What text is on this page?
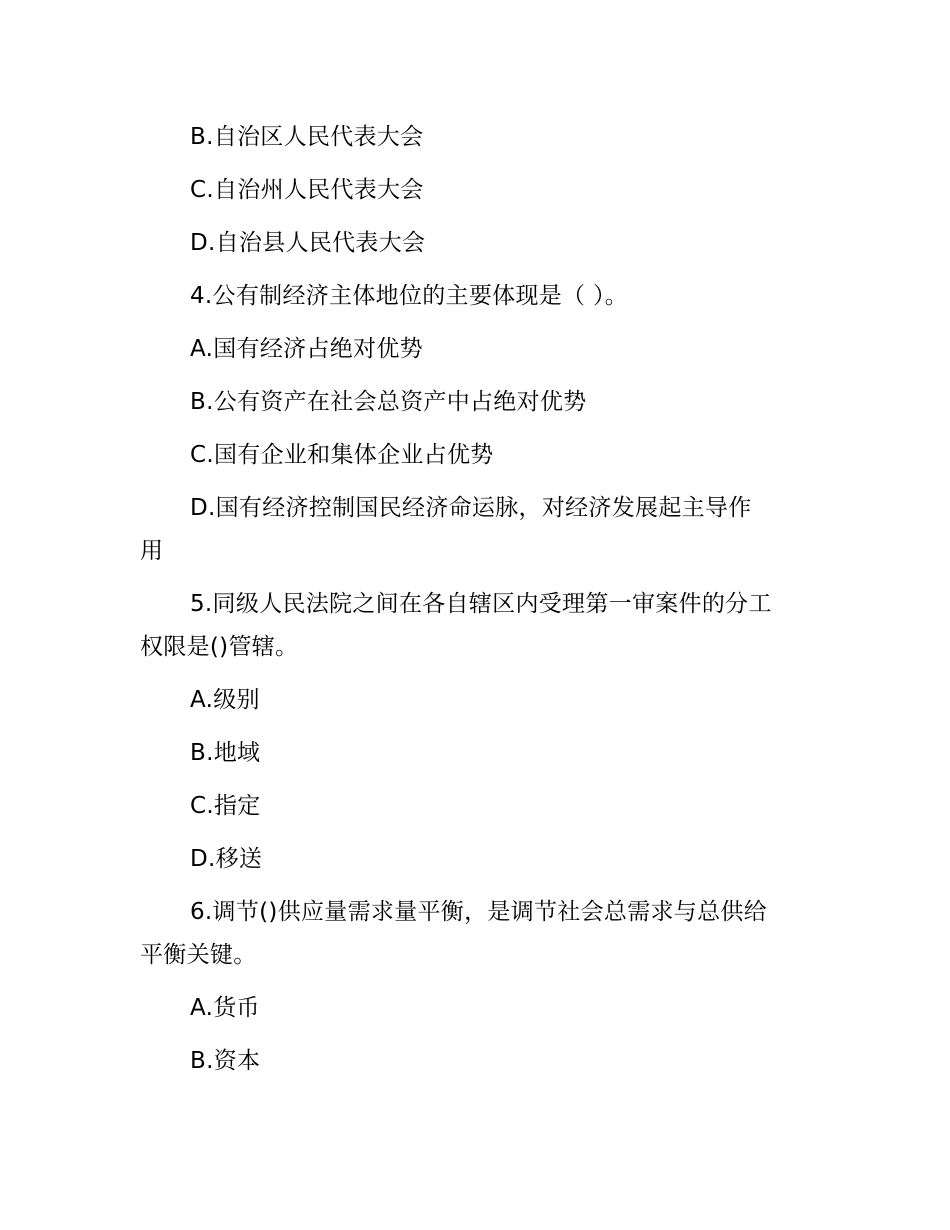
B.自治区人民代表大会
C.自治州人民代表大会
D.自治县人民代表大会
4.公有制经济主体地位的主要体现是（ ）。
A.国有经济占绝对优势
B.公有资产在社会总资产中占绝对优势
C.国有企业和集体企业占优势
D.国有经济控制国民经济命运脉，对经济发展起主导作
用
5.同级人民法院之间在各自辖区内受理第一审案件的分工
权限是()管辖。
A.级别
B.地域
C.指定
D.移送
6.调节()供应量需求量平衡，是调节社会总需求与总供给
平衡关键。
A.货币
B.资本
